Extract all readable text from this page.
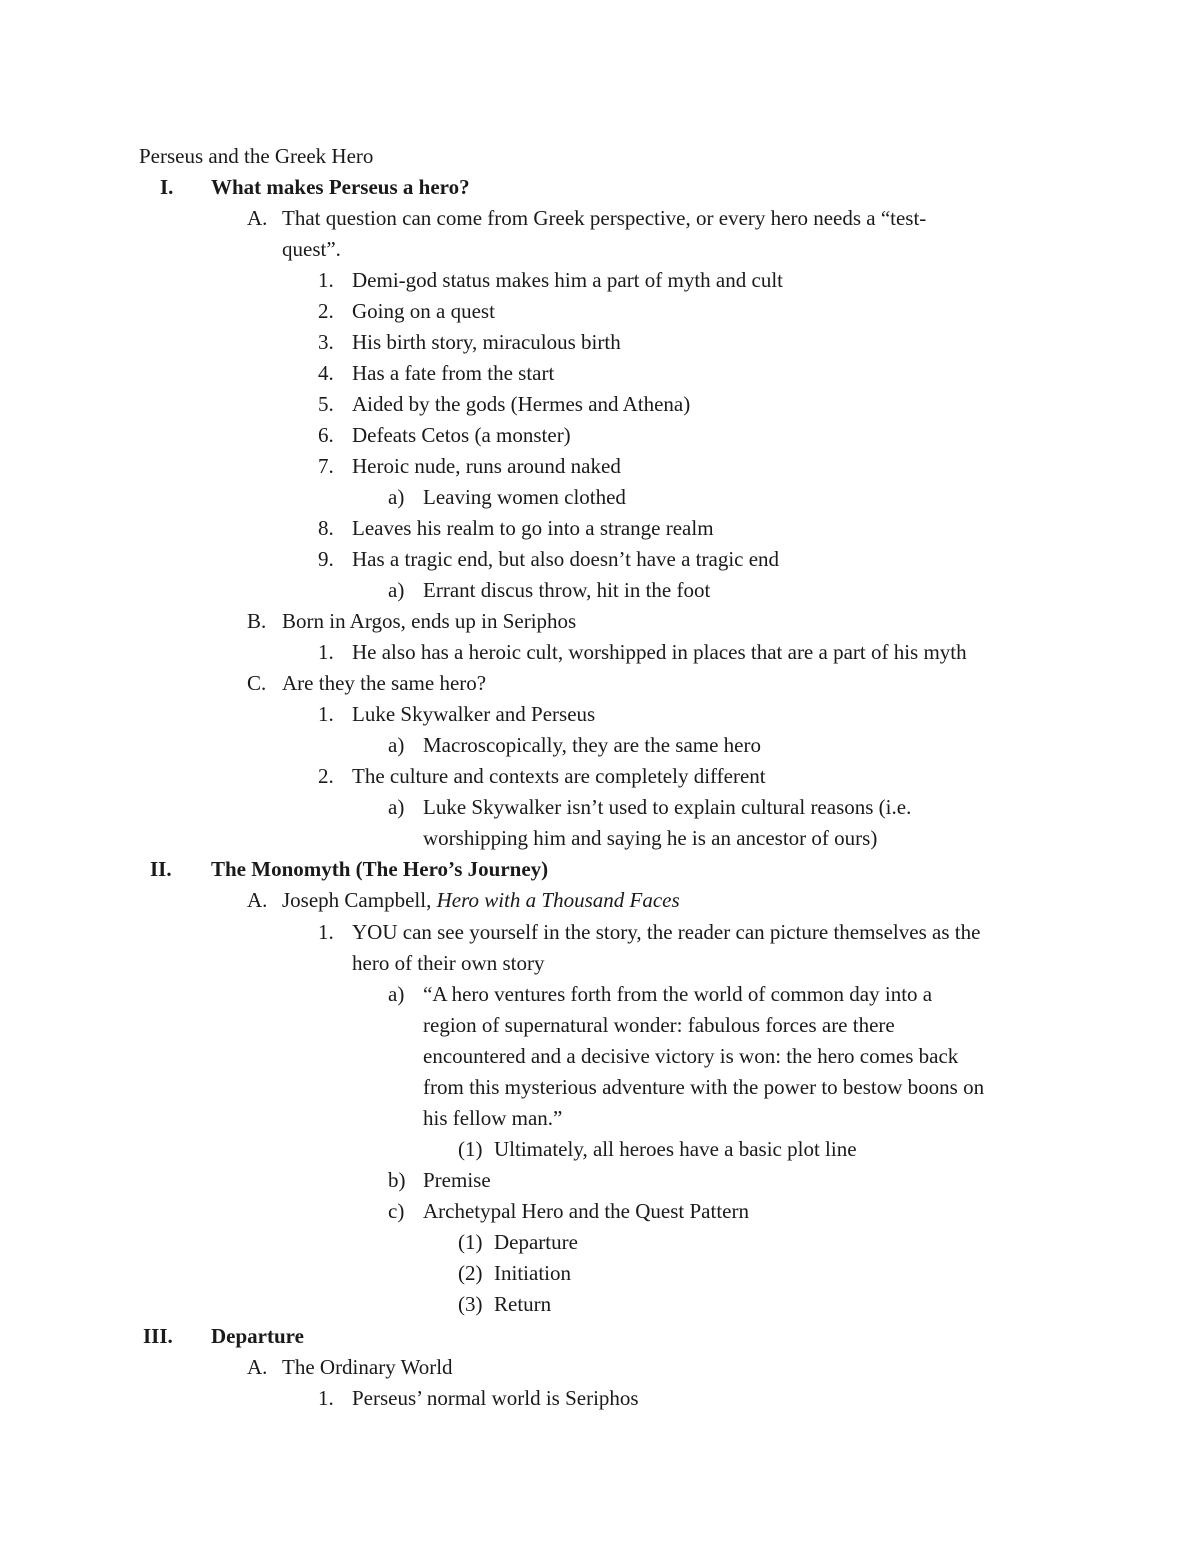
Perseus and the Greek Hero
I. What makes Perseus a hero?
A. That question can come from Greek perspective, or every hero needs a “test-
quest”.
1. Demi-god status makes him a part of myth and cult
2. Going on a quest
3. His birth story, miraculous birth
4. Has a fate from the start
5. Aided by the gods (Hermes and Athena)
6. Defeats Cetos (a monster)
7. Heroic nude, runs around naked
a) Leaving women clothed
8. Leaves his realm to go into a strange realm
9. Has a tragic end, but also doesn’t have a tragic end
a) Errant discus throw, hit in the foot
B. Born in Argos, ends up in Seriphos
1. He also has a heroic cult, worshipped in places that are a part of his myth
C. Are they the same hero?
1. Luke Skywalker and Perseus
a) Macroscopically, they are the same hero
2. The culture and contexts are completely different
a) Luke Skywalker isn’t used to explain cultural reasons (i.e.
worshipping him and saying he is an ancestor of ours)
II. The Monomyth (The Hero’s Journey)
A. Joseph Campbell, Hero with a Thousand Faces
1. YOU can see yourself in the story, the reader can picture themselves as the
hero of their own story
a) “A hero ventures forth from the world of common day into a
region of supernatural wonder: fabulous forces are there
encountered and a decisive victory is won: the hero comes back
from this mysterious adventure with the power to bestow boons on
his fellow man.”
(1) Ultimately, all heroes have a basic plot line
b) Premise
c) Archetypal Hero and the Quest Pattern
(1) Departure
(2) Initiation
(3) Return
III. Departure
A. The Ordinary World
1. Perseus’ normal world is Seriphos
